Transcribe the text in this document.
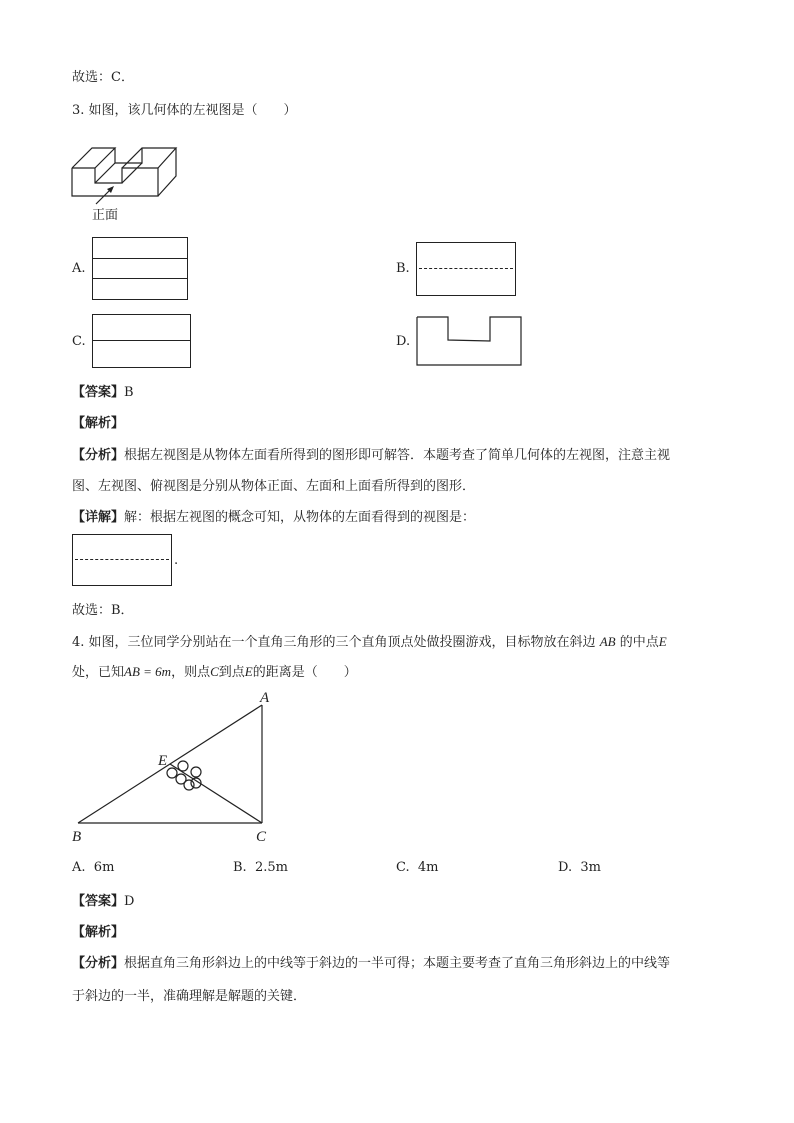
故选：C．
3. 如图，该几何体的左视图是（　　）
正面
A.	B.
C.	D.
【答案】B
【解析】
【分析】根据左视图是从物体左面看所得到的图形即可解答．本题考查了简单几何体的左视图，注意主视
图、左视图、俯视图是分别从物体正面、左面和上面看所得到的图形．
【详解】解：根据左视图的概念可知，从物体的左面看得到的视图是：
.
故选：B．
4. 如图，三位同学分别站在一个直角三角形的三个直角顶点处做投圈游戏，目标物放在斜边 AB 的中点E
处，已知AB = 6m，则点C到点E的距离是（　　）
A
B	C
E
A. 6m	B. 2.5m	C. 4m	D. 3m
【答案】D
【解析】
【分析】根据直角三角形斜边上的中线等于斜边的一半可得；本题主要考查了直角三角形斜边上的中线等
于斜边的一半，准确理解是解题的关键．
